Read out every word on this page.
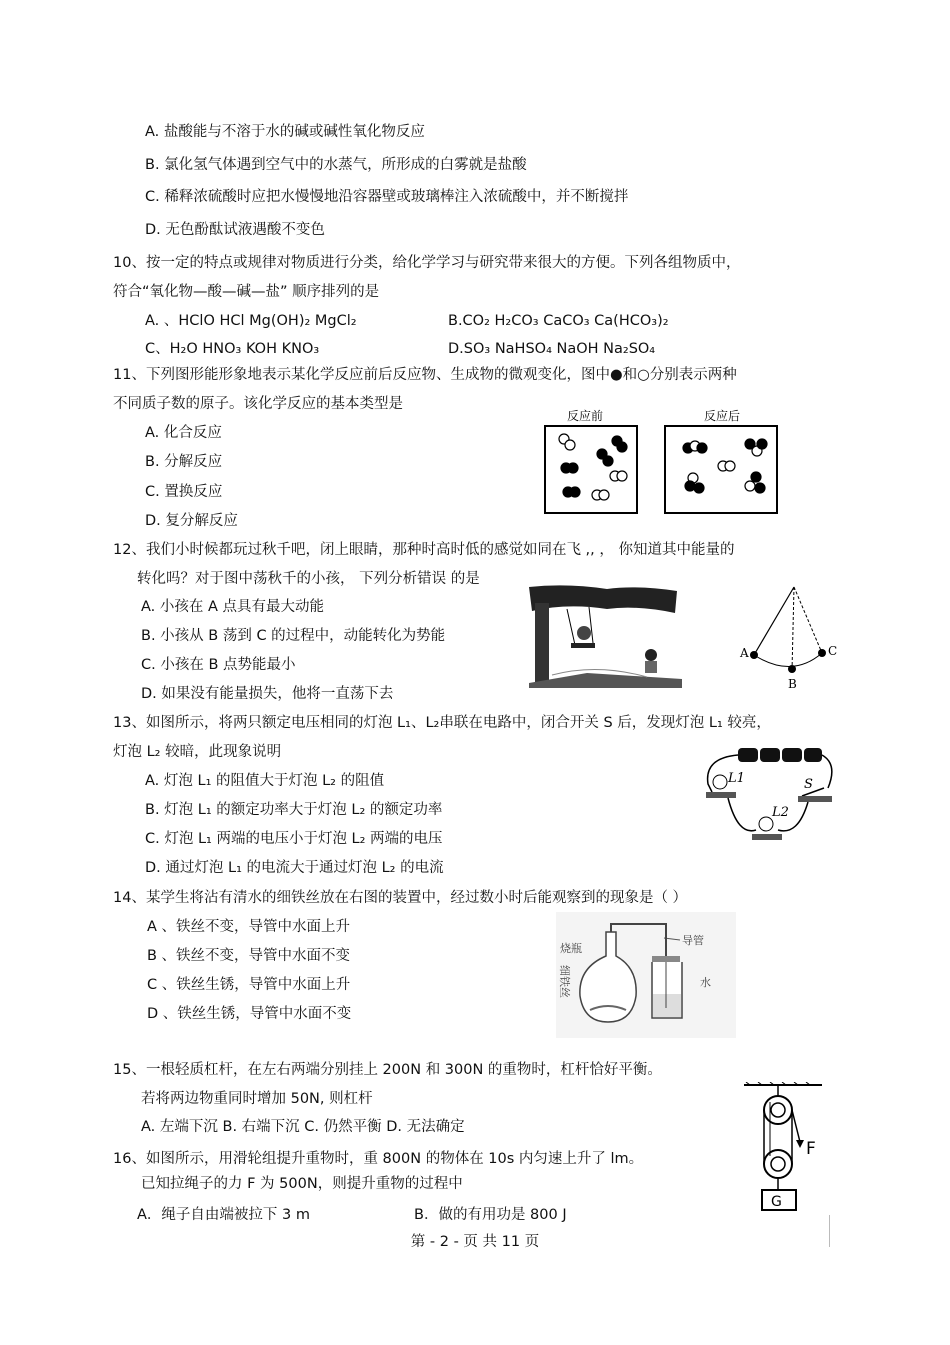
A. 盐酸能与不溶于水的碱或碱性氧化物反应
B. 氯化氢气体遇到空气中的水蒸气，所形成的白雾就是盐酸
C. 稀释浓硫酸时应把水慢慢地沿容器壁或玻璃棒注入浓硫酸中，并不断搅拌
D. 无色酚酞试液遇酸不变色
10、按一定的特点或规律对物质进行分类，给化学学习与研究带来很大的方便。下列各组物质中，
符合“氧化物—酸—碱—盐” 顺序排列的是
A. 、HClO HCl Mg(OH)₂ MgCl₂	B.CO₂ H₂CO₃ CaCO₃ Ca(HCO₃)₂
C、H₂O HNO₃ KOH KNO₃	D.SO₃ NaHSO₄ NaOH Na₂SO₄
11、下列图形能形象地表示某化学反应前后反应物、生成物的微观变化，图中●和○分别表示两种
不同质子数的原子。该化学反应的基本类型是
A. 化合反应
B. 分解反应
C. 置换反应
D. 复分解反应
反应前	反应后
12、我们小时候都玩过秋千吧，闭上眼睛，那种时高时低的感觉如同在飞 ,, ， 你知道其中能量的
转化吗？对于图中荡秋千的小孩， 下列分析错误 的是
A. 小孩在 A 点具有最大动能
B. 小孩从 B 荡到 C 的过程中，动能转化为势能
C. 小孩在 B 点势能最小
D. 如果没有能量损失，他将一直荡下去
A
B
C
13、如图所示，将两只额定电压相同的灯泡 L₁、L₂串联在电路中，闭合开关 S 后，发现灯泡 L₁ 较亮，
灯泡 L₂ 较暗，此现象说明
A. 灯泡 L₁ 的阻值大于灯泡 L₂ 的阻值
B. 灯泡 L₁ 的额定功率大于灯泡 L₂ 的额定功率
C. 灯泡 L₁ 两端的电压小于灯泡 L₂ 两端的电压
D. 通过灯泡 L₁ 的电流大于通过灯泡 L₂ 的电流
L1	S
L2
14、某学生将沾有清水的细铁丝放在右图的装置中，经过数小时后能观察到的现象是（ ）
A 、铁丝不变，导管中水面上升
B 、铁丝不变，导管中水面不变
C 、铁丝生锈，导管中水面上升
D 、铁丝生锈，导管中水面不变
烧瓶
导管
水
细铁丝
15、一根轻质杠杆，在左右两端分别挂上 200N 和 300N 的重物时，杠杆恰好平衡。
若将两边物重同时增加 50N, 则杠杆
A. 左端下沉 B. 右端下沉 C. 仍然平衡 D. 无法确定
16、如图所示，用滑轮组提升重物时，重 800N 的物体在 10s 内匀速上升了 lm。
已知拉绳子的力 F 为 500N，则提升重物的过程中
A．绳子自由端被拉下 3 m	B．做的有用功是 800 J
F
G
第 - 2 - 页 共 11 页
